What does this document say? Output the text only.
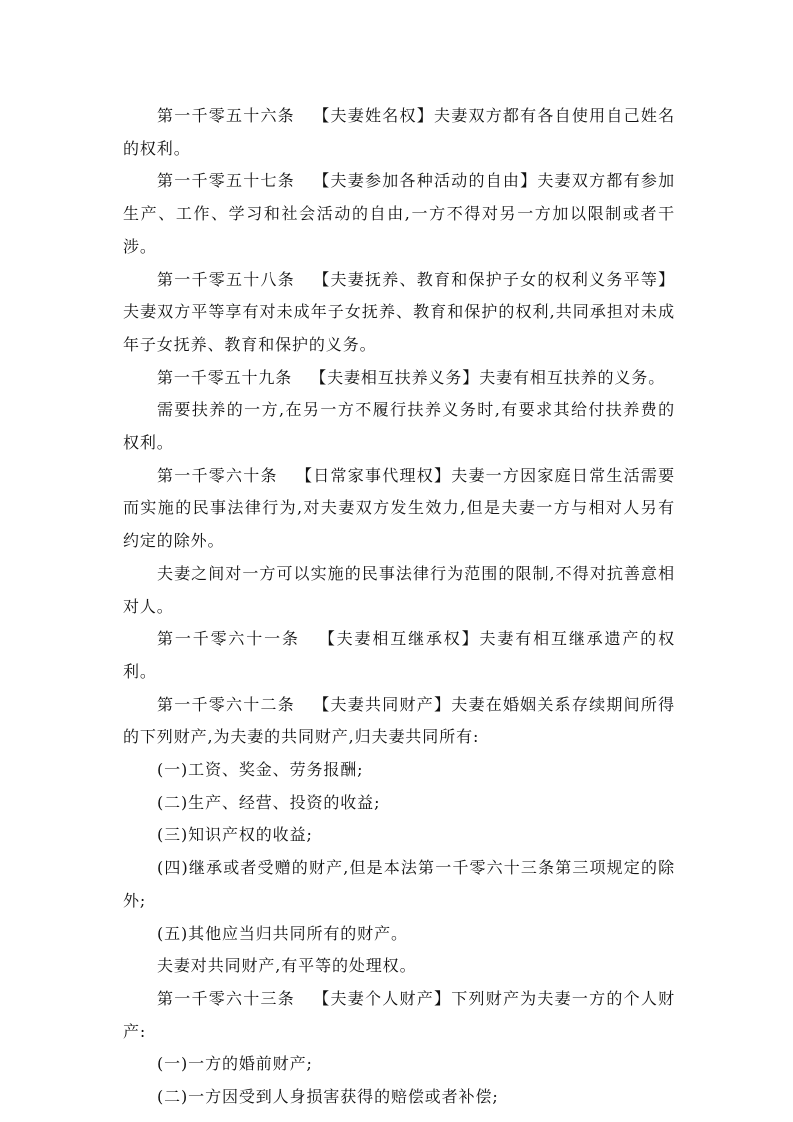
第一千零五十六条 【夫妻姓名权】夫妻双方都有各自使用自己姓名的权利。

第一千零五十七条 【夫妻参加各种活动的自由】夫妻双方都有参加生产、工作、学习和社会活动的自由,一方不得对另一方加以限制或者干涉。

第一千零五十八条 【夫妻抚养、教育和保护子女的权利义务平等】夫妻双方平等享有对未成年子女抚养、教育和保护的权利,共同承担对未成年子女抚养、教育和保护的义务。

第一千零五十九条 【夫妻相互扶养义务】夫妻有相互扶养的义务。

需要扶养的一方,在另一方不履行扶养义务时,有要求其给付扶养费的权利。

第一千零六十条 【日常家事代理权】夫妻一方因家庭日常生活需要而实施的民事法律行为,对夫妻双方发生效力,但是夫妻一方与相对人另有约定的除外。

夫妻之间对一方可以实施的民事法律行为范围的限制,不得对抗善意相对人。

第一千零六十一条 【夫妻相互继承权】夫妻有相互继承遗产的权利。

第一千零六十二条 【夫妻共同财产】夫妻在婚姻关系存续期间所得的下列财产,为夫妻的共同财产,归夫妻共同所有:

(一)工资、奖金、劳务报酬;

(二)生产、经营、投资的收益;

(三)知识产权的收益;

(四)继承或者受赠的财产,但是本法第一千零六十三条第三项规定的除外;

(五)其他应当归共同所有的财产。

夫妻对共同财产,有平等的处理权。

第一千零六十三条 【夫妻个人财产】下列财产为夫妻一方的个人财产:

(一)一方的婚前财产;

(二)一方因受到人身损害获得的赔偿或者补偿;
